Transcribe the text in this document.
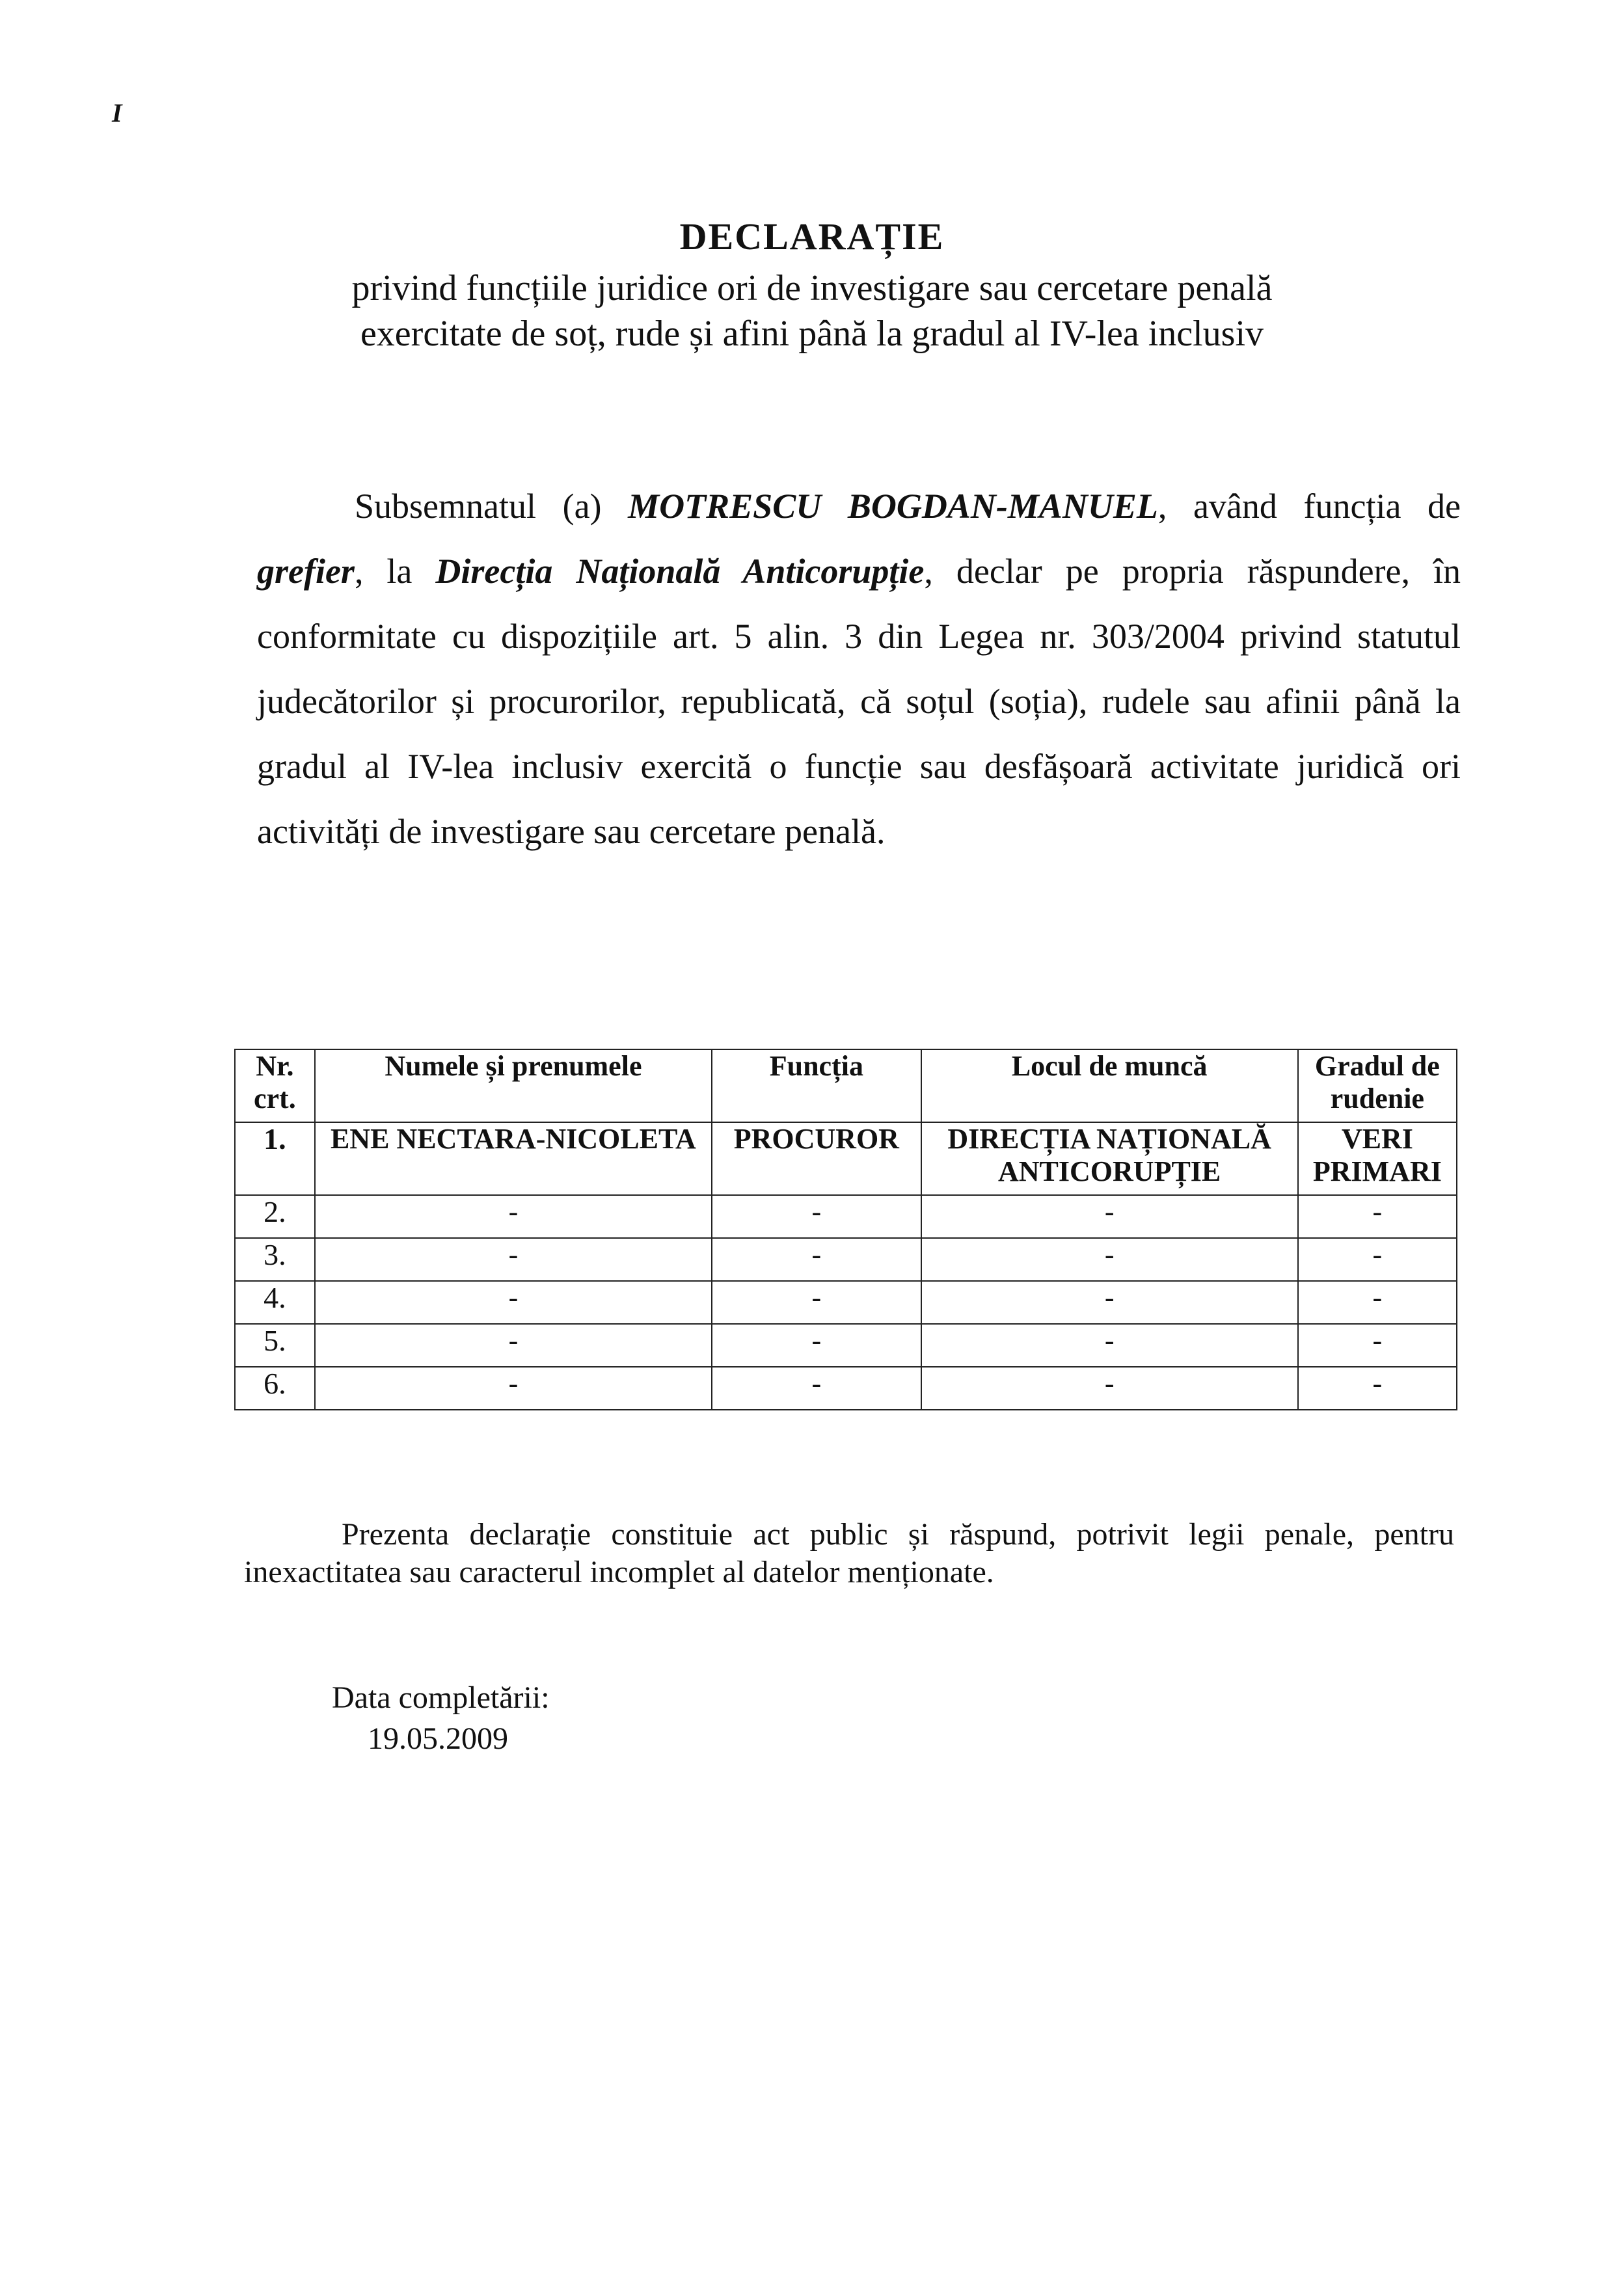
I
DECLARAȚIE
privind funcțiile juridice ori de investigare sau cercetare penală
exercitate de soț, rude și afini până la gradul al IV-lea inclusiv
Subsemnatul (a) MOTRESCU BOGDAN-MANUEL, având funcția de grefier, la Direcția Națională Anticorupție, declar pe propria răspundere, în conformitate cu dispozițiile art. 5 alin. 3 din Legea nr. 303/2004 privind statutul judecătorilor și procurorilor, republicată, că soțul (soția), rudele sau afinii până la gradul al IV-lea inclusiv exercită o funcție sau desfășoară activitate juridică ori activități de investigare sau cercetare penală.
Nr. crt.	Numele și prenumele	Funcția	Locul de muncă	Gradul de rudenie
1.	ENE NECTARA-NICOLETA	PROCUROR	DIRECȚIA NAȚIONALĂ ANTICORUPȚIE	VERI PRIMARI
2.	-	-	-	-
3.	-	-	-	-
4.	-	-	-	-
5.	-	-	-	-
6.	-	-	-	-
Prezenta declarație constituie act public și răspund, potrivit legii penale, pentru inexactitatea sau caracterul incomplet al datelor menționate.
Data completării:
19.05.2009
